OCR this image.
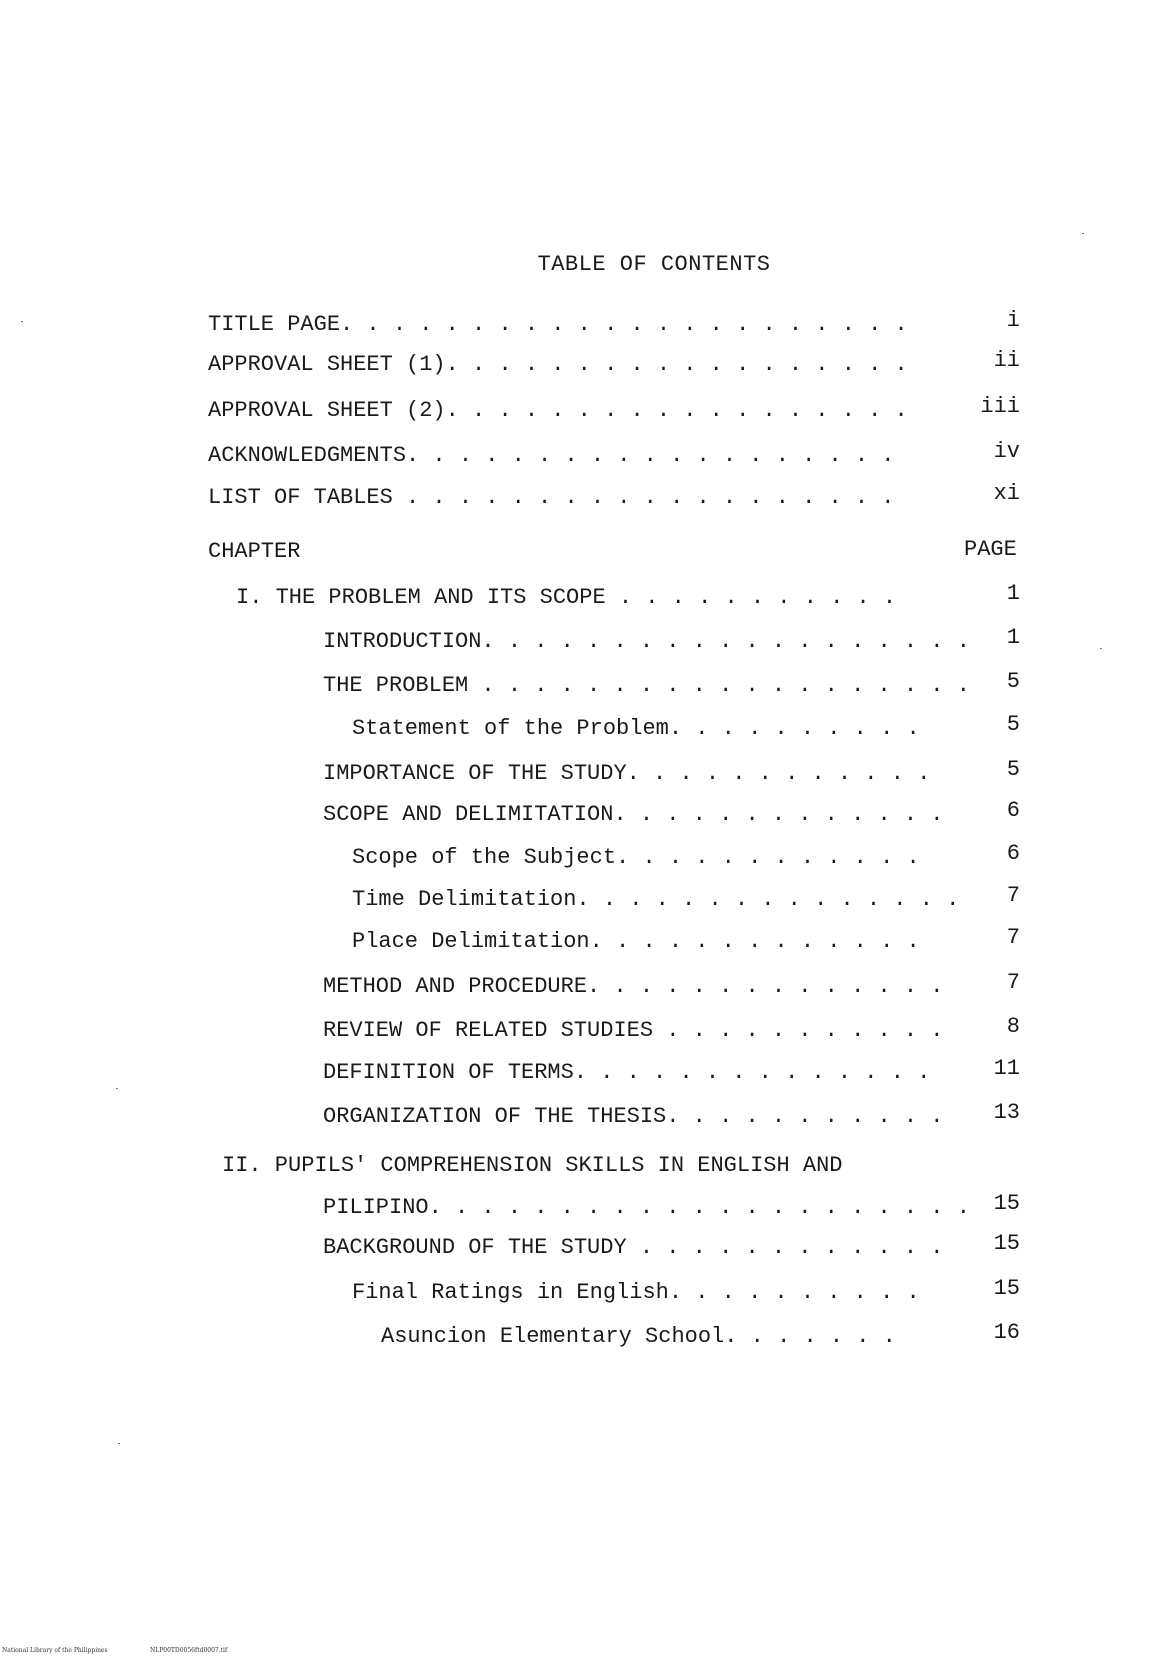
TABLE OF CONTENTS
TITLE PAGE. . . . . . . . . . . . . . . . . . . . . .	i
APPROVAL SHEET (1). . . . . . . . . . . . . . . . . .	ii
APPROVAL SHEET (2). . . . . . . . . . . . . . . . . .	iii
ACKNOWLEDGMENTS. . . . . . . . . . . . . . . . . . .	iv
LIST OF TABLES . . . . . . . . . . . . . . . . . . .	xi
CHAPTER	PAGE
I. THE PROBLEM AND ITS SCOPE . . . . . . . . . . .	1
INTRODUCTION. . . . . . . . . . . . . . . . . . . 1
THE PROBLEM . . . . . . . . . . . . . . . . . . . 5
Statement of the Problem. . . . . . . . . .	5
IMPORTANCE OF THE STUDY. . . . . . . . . . . .	5
SCOPE AND DELIMITATION. . . . . . . . . . . . .	6
Scope of the Subject. . . . . . . . . . . .	6
Time Delimitation. . . . . . . . . . . . . . . 7
Place Delimitation. . . . . . . . . . . . .	7
METHOD AND PROCEDURE. . . . . . . . . . . . . .	7
REVIEW OF RELATED STUDIES . . . . . . . . . . .	8
DEFINITION OF TERMS. . . . . . . . . . . . . .	11
ORGANIZATION OF THE THESIS. . . . . . . . . . . 13
II. PUPILS' COMPREHENSION SKILLS IN ENGLISH AND
PILIPINO. . . . . . . . . . . . . . . . . . . . . 15
BACKGROUND OF THE STUDY . . . . . . . . . . . . 15
Final Ratings in English. . . . . . . . . .	15
Asuncion Elementary School. . . . . . .	16
National Library of the Philippines	NLP00TD0056ftd0007.tif
